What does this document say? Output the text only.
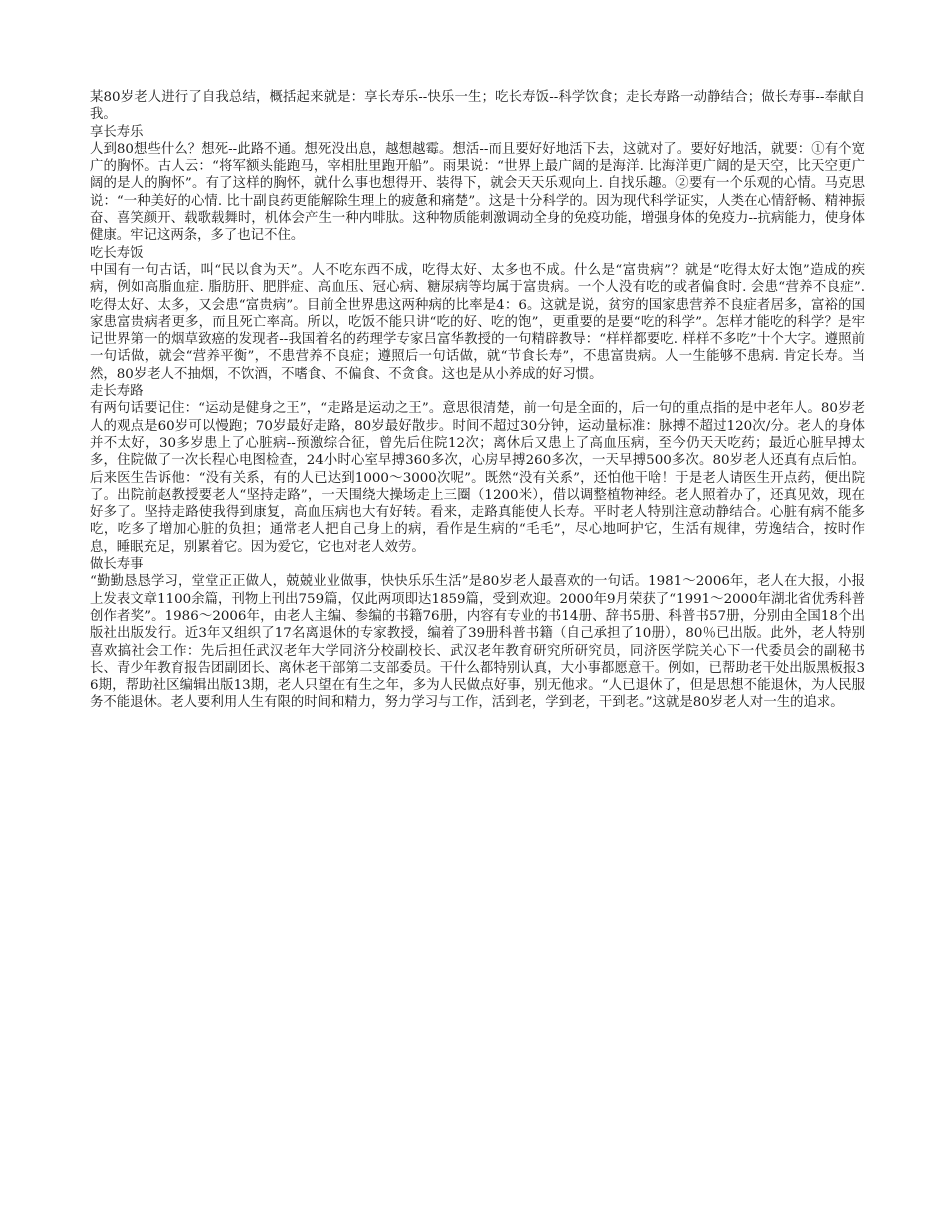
某80岁老人进行了自我总结，概括起来就是：享长寿乐--快乐一生；吃长寿饭--科学饮食；走长寿路一动静结合；做长寿事--奉献自我。

享长寿乐

人到80想些什么？想死--此路不通。想死没出息，越想越霉。想活--而且要好好地活下去，这就对了。要好好地活，就要：①有个宽广的胸怀。古人云：“将军额头能跑马，宰相肚里跑开船”。雨果说：“世界上最广阔的是海洋. 比海洋更广阔的是天空，比天空更广阔的是人的胸怀”。有了这样的胸怀，就什么事也想得开、装得下，就会天天乐观向上. 自找乐趣。②要有一个乐观的心情。马克思说：“一种美好的心情. 比十副良药更能解除生理上的疲惫和痛楚”。这是十分科学的。因为现代科学证实，人类在心情舒畅、精神振奋、喜笑颜开、载歌载舞时，机体会产生一种内啡肽。这种物质能刺激调动全身的免疫功能，增强身体的免疫力--抗病能力，使身体健康。牢记这两条，多了也记不住。

吃长寿饭

中国有一句古话，叫“民以食为天”。人不吃东西不成，吃得太好、太多也不成。什么是“富贵病”？就是“吃得太好太饱”造成的疾病，例如高脂血症. 脂肪肝、肥胖症、高血压、冠心病、糖尿病等均属于富贵病。一个人没有吃的或者偏食时. 会患“营养不良症”. 吃得太好、太多，又会患“富贵病”。目前全世界患这两种病的比率是4：6。这就是说，贫穷的国家患营养不良症者居多，富裕的国家患富贵病者更多，而且死亡率高。所以，吃饭不能只讲“吃的好、吃的饱”，更重要的是要“吃的科学”。怎样才能吃的科学？是牢记世界第一的烟草致癌的发现者--我国着名的药理学专家吕富华教授的一句精辟教导：“样样都要吃. 样样不多吃”十个大字。遵照前一句话做，就会“营养平衡”，不患营养不良症；遵照后一句话做，就“节食长寿”，不患富贵病。人一生能够不患病. 肯定长寿。当然，80岁老人不抽烟，不饮酒，不嗜食、不偏食、不贪食。这也是从小养成的好习惯。

走长寿路

有两句话要记住：“运动是健身之王”，“走路是运动之王”。意思很清楚，前一句是全面的，后一句的重点指的是中老年人。80岁老人的观点是60岁可以慢跑；70岁最好走路，80岁最好散步。时间不超过30分钟，运动量标准：脉搏不超过120次/分。老人的身体并不太好，30多岁患上了心脏病--预激综合征，曾先后住院12次；离休后又患上了高血压病，至今仍天天吃药；最近心脏早搏太多，住院做了一次长程心电图检查，24小时心室早搏360多次，心房早搏260多次，一天早搏500多次。80岁老人还真有点后怕。后来医生告诉他：“没有关系，有的人已达到1000～3000次呢”。既然“没有关系”，还怕他干啥！于是老人请医生开点药，便出院了。出院前赵教授要老人“坚持走路”，一天围绕大操场走上三圈（1200米），借以调整植物神经。老人照着办了，还真见效，现在好多了。坚持走路使我得到康复，高血压病也大有好转。看来，走路真能使人长寿。平时老人特别注意动静结合。心脏有病不能多吃，吃多了增加心脏的负担；通常老人把自己身上的病，看作是生病的“毛毛”，尽心地呵护它，生活有规律，劳逸结合，按时作息，睡眠充足，别累着它。因为爱它，它也对老人效劳。

做长寿事

“勤勤恳恳学习，堂堂正正做人，兢兢业业做事，快快乐乐生活”是80岁老人最喜欢的一句话。1981～2006年，老人在大报，小报上发表文章1100余篇，刊物上刊出759篇，仅此两项即达1859篇，受到欢迎。2000年9月荣获了“1991～2000年湖北省优秀科普创作者奖”。1986～2006年，由老人主编、参编的书籍76册，内容有专业的书14册、辞书5册、科普书57册，分别由全国18个出版社出版发行。近3年又组织了17名离退休的专家教授，编着了39册科普书籍（自己承担了10册），80％已出版。此外，老人特别喜欢搞社会工作：先后担任武汉老年大学同济分校副校长、武汉老年教育研究所研究员，同济医学院关心下一代委员会的副秘书长、青少年教育报告团副团长、离休老干部第二支部委员。干什么都特别认真，大小事都愿意干。例如，已帮助老干处出版黑板报36期，帮助社区编辑出版13期，老人只望在有生之年，多为人民做点好事，别无他求。“人已退休了，但是思想不能退休，为人民服务不能退休。老人要利用人生有限的时间和精力，努力学习与工作，活到老，学到老，干到老。”这就是80岁老人对一生的追求。
